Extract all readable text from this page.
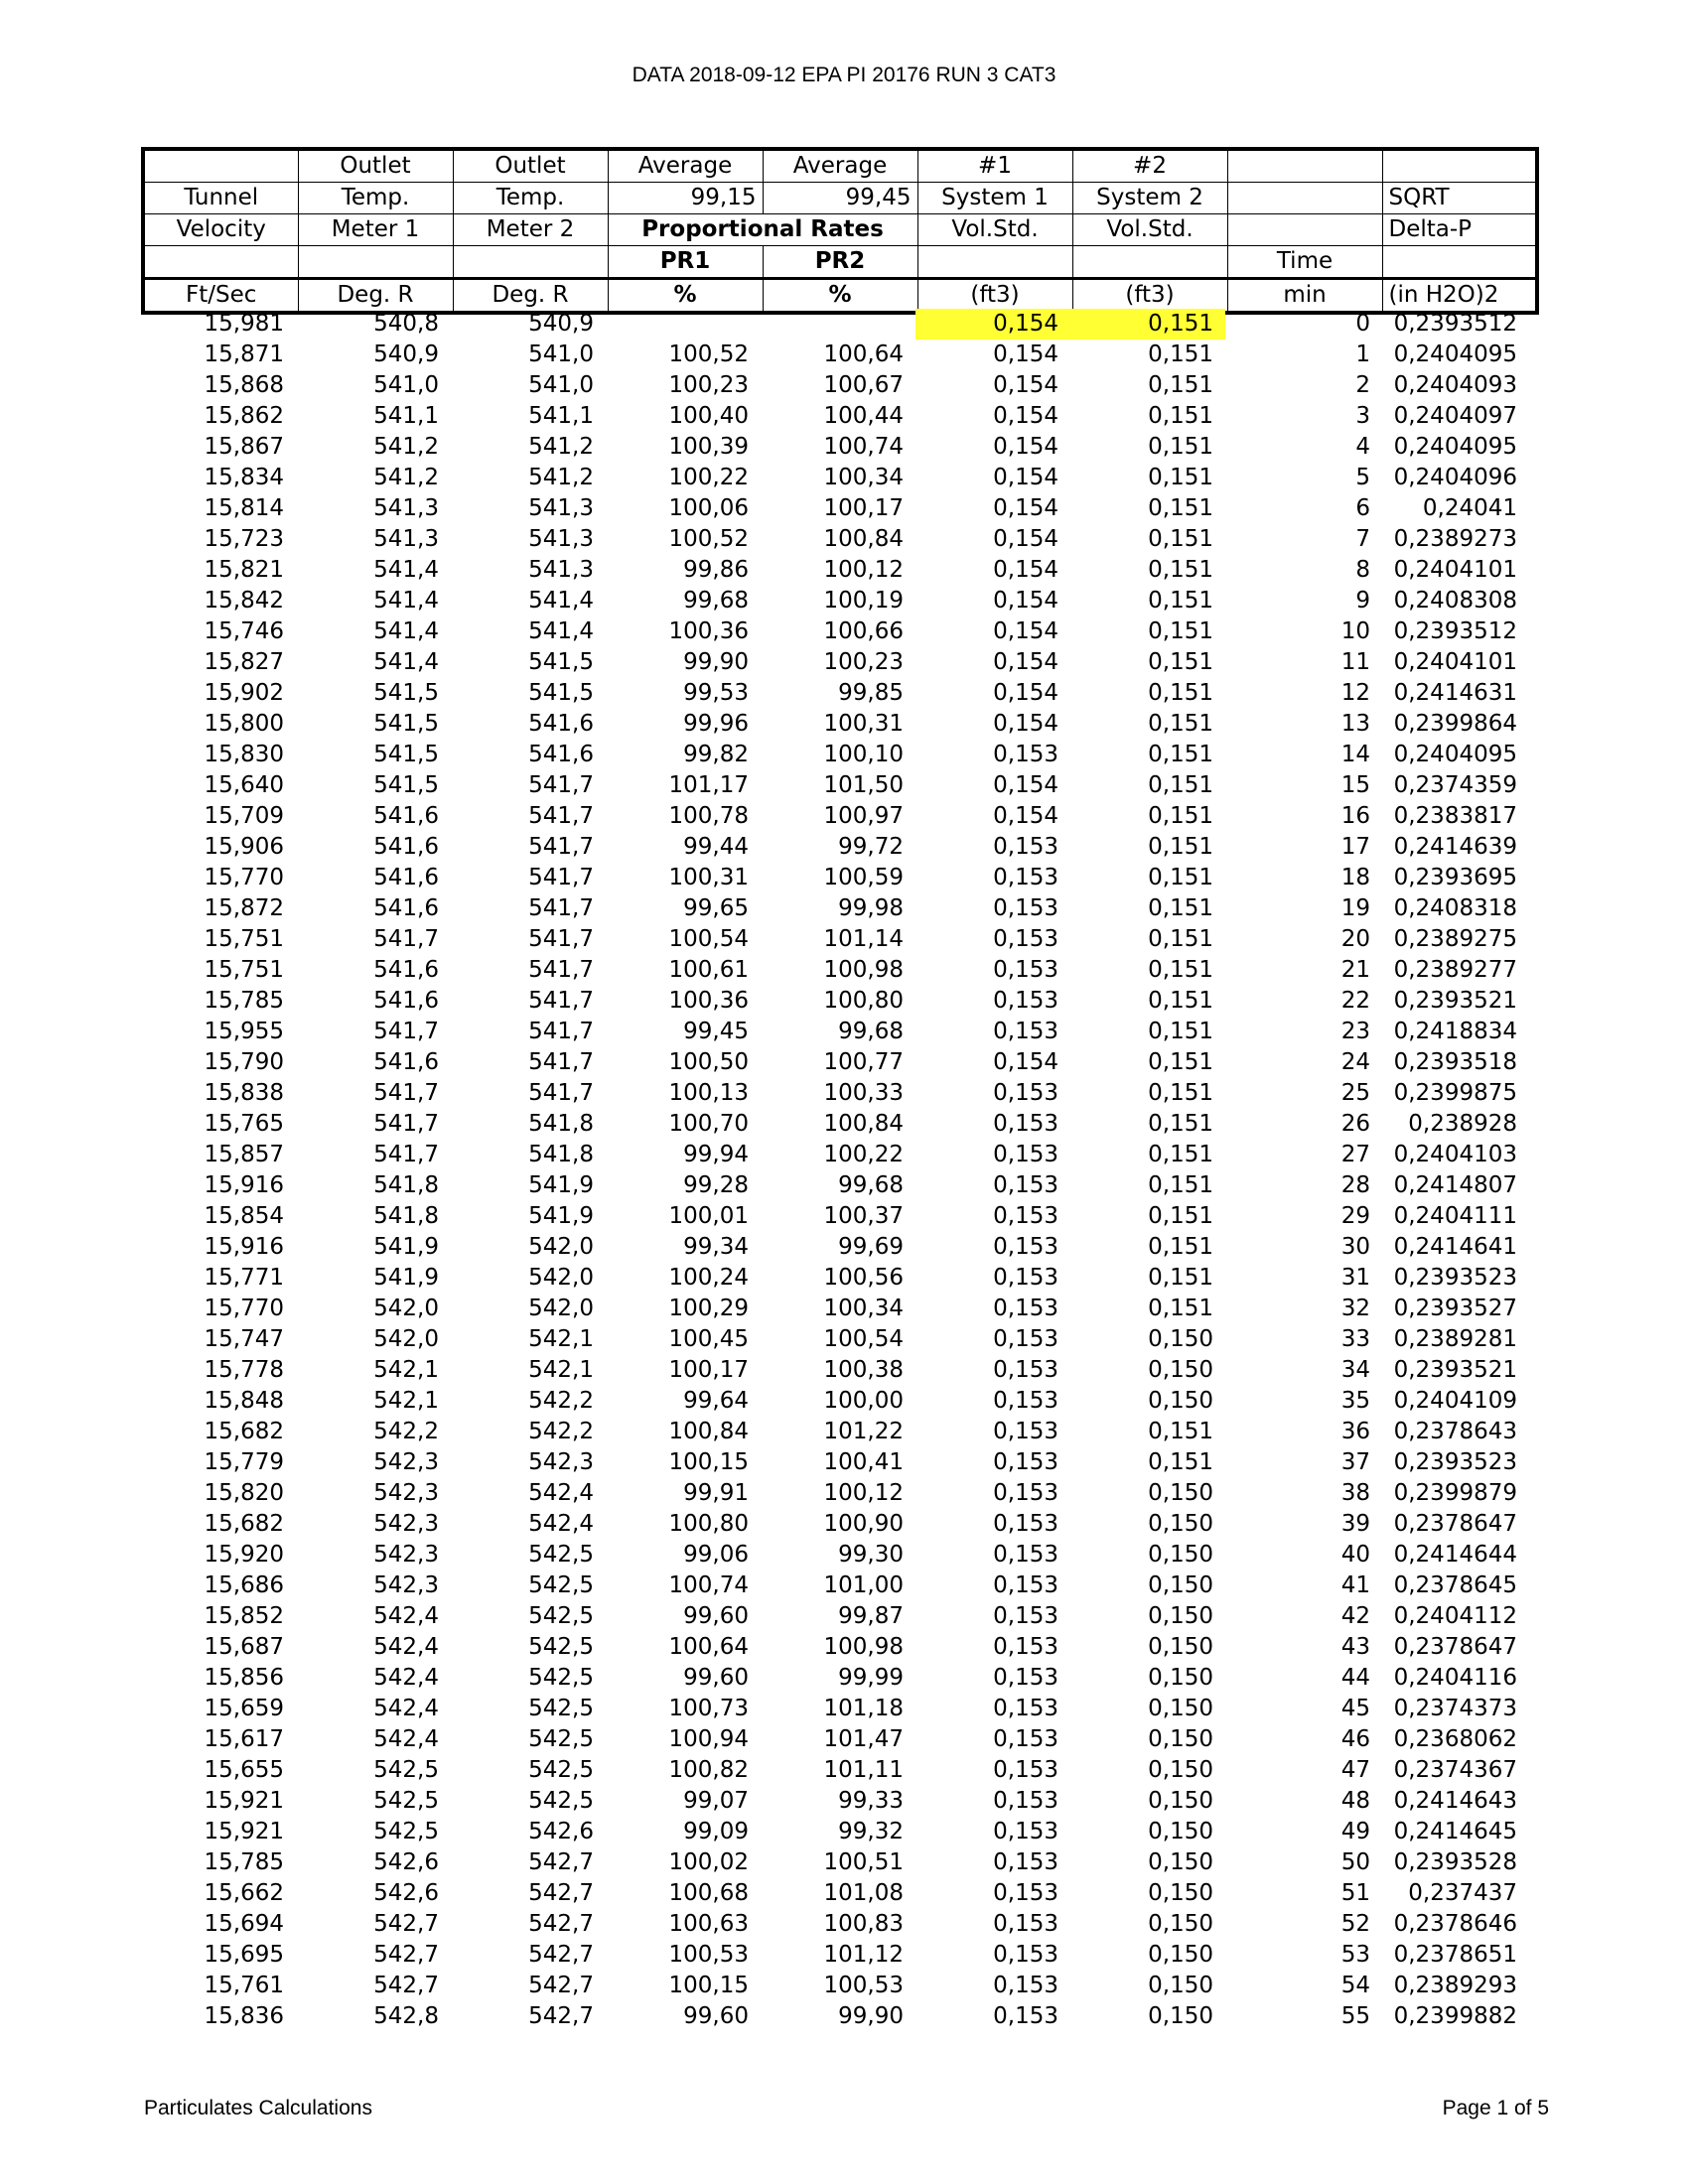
DATA 2018-09-12 EPA PI 20176 RUN 3 CAT3
	Outlet	Outlet	Average	Average	#1	#2		
Tunnel	Temp.	Temp.	99,15	99,45	System 1	System 2		SQRT
Velocity	Meter 1	Meter 2	Proportional Rates		Vol.Std.	Vol.Std.		Delta-P
			PR1	PR2			Time	
Ft/Sec	Deg. R	Deg. R	%	%	(ft3)	(ft3)	min	(in H2O)2
15,981	540,8	540,9			0,154	0,151	0	0,2393512
15,871	540,9	541,0	100,52	100,64	0,154	0,151	1	0,2404095
15,868	541,0	541,0	100,23	100,67	0,154	0,151	2	0,2404093
15,862	541,1	541,1	100,40	100,44	0,154	0,151	3	0,2404097
15,867	541,2	541,2	100,39	100,74	0,154	0,151	4	0,2404095
15,834	541,2	541,2	100,22	100,34	0,154	0,151	5	0,2404096
15,814	541,3	541,3	100,06	100,17	0,154	0,151	6	0,24041
15,723	541,3	541,3	100,52	100,84	0,154	0,151	7	0,2389273
15,821	541,4	541,3	99,86	100,12	0,154	0,151	8	0,2404101
15,842	541,4	541,4	99,68	100,19	0,154	0,151	9	0,2408308
15,746	541,4	541,4	100,36	100,66	0,154	0,151	10	0,2393512
15,827	541,4	541,5	99,90	100,23	0,154	0,151	11	0,2404101
15,902	541,5	541,5	99,53	99,85	0,154	0,151	12	0,2414631
15,800	541,5	541,6	99,96	100,31	0,154	0,151	13	0,2399864
15,830	541,5	541,6	99,82	100,10	0,153	0,151	14	0,2404095
15,640	541,5	541,7	101,17	101,50	0,154	0,151	15	0,2374359
15,709	541,6	541,7	100,78	100,97	0,154	0,151	16	0,2383817
15,906	541,6	541,7	99,44	99,72	0,153	0,151	17	0,2414639
15,770	541,6	541,7	100,31	100,59	0,153	0,151	18	0,2393695
15,872	541,6	541,7	99,65	99,98	0,153	0,151	19	0,2408318
15,751	541,7	541,7	100,54	101,14	0,153	0,151	20	0,2389275
15,751	541,6	541,7	100,61	100,98	0,153	0,151	21	0,2389277
15,785	541,6	541,7	100,36	100,80	0,153	0,151	22	0,2393521
15,955	541,7	541,7	99,45	99,68	0,153	0,151	23	0,2418834
15,790	541,6	541,7	100,50	100,77	0,154	0,151	24	0,2393518
15,838	541,7	541,7	100,13	100,33	0,153	0,151	25	0,2399875
15,765	541,7	541,8	100,70	100,84	0,153	0,151	26	0,238928
15,857	541,7	541,8	99,94	100,22	0,153	0,151	27	0,2404103
15,916	541,8	541,9	99,28	99,68	0,153	0,151	28	0,2414807
15,854	541,8	541,9	100,01	100,37	0,153	0,151	29	0,2404111
15,916	541,9	542,0	99,34	99,69	0,153	0,151	30	0,2414641
15,771	541,9	542,0	100,24	100,56	0,153	0,151	31	0,2393523
15,770	542,0	542,0	100,29	100,34	0,153	0,151	32	0,2393527
15,747	542,0	542,1	100,45	100,54	0,153	0,150	33	0,2389281
15,778	542,1	542,1	100,17	100,38	0,153	0,150	34	0,2393521
15,848	542,1	542,2	99,64	100,00	0,153	0,150	35	0,2404109
15,682	542,2	542,2	100,84	101,22	0,153	0,151	36	0,2378643
15,779	542,3	542,3	100,15	100,41	0,153	0,151	37	0,2393523
15,820	542,3	542,4	99,91	100,12	0,153	0,150	38	0,2399879
15,682	542,3	542,4	100,80	100,90	0,153	0,150	39	0,2378647
15,920	542,3	542,5	99,06	99,30	0,153	0,150	40	0,2414644
15,686	542,3	542,5	100,74	101,00	0,153	0,150	41	0,2378645
15,852	542,4	542,5	99,60	99,87	0,153	0,150	42	0,2404112
15,687	542,4	542,5	100,64	100,98	0,153	0,150	43	0,2378647
15,856	542,4	542,5	99,60	99,99	0,153	0,150	44	0,2404116
15,659	542,4	542,5	100,73	101,18	0,153	0,150	45	0,2374373
15,617	542,4	542,5	100,94	101,47	0,153	0,150	46	0,2368062
15,655	542,5	542,5	100,82	101,11	0,153	0,150	47	0,2374367
15,921	542,5	542,5	99,07	99,33	0,153	0,150	48	0,2414643
15,921	542,5	542,6	99,09	99,32	0,153	0,150	49	0,2414645
15,785	542,6	542,7	100,02	100,51	0,153	0,150	50	0,2393528
15,662	542,6	542,7	100,68	101,08	0,153	0,150	51	0,237437
15,694	542,7	542,7	100,63	100,83	0,153	0,150	52	0,2378646
15,695	542,7	542,7	100,53	101,12	0,153	0,150	53	0,2378651
15,761	542,7	542,7	100,15	100,53	0,153	0,150	54	0,2389293
15,836	542,8	542,7	99,60	99,90	0,153	0,150	55	0,2399882
Particulates Calculations	Page 1 of 5
